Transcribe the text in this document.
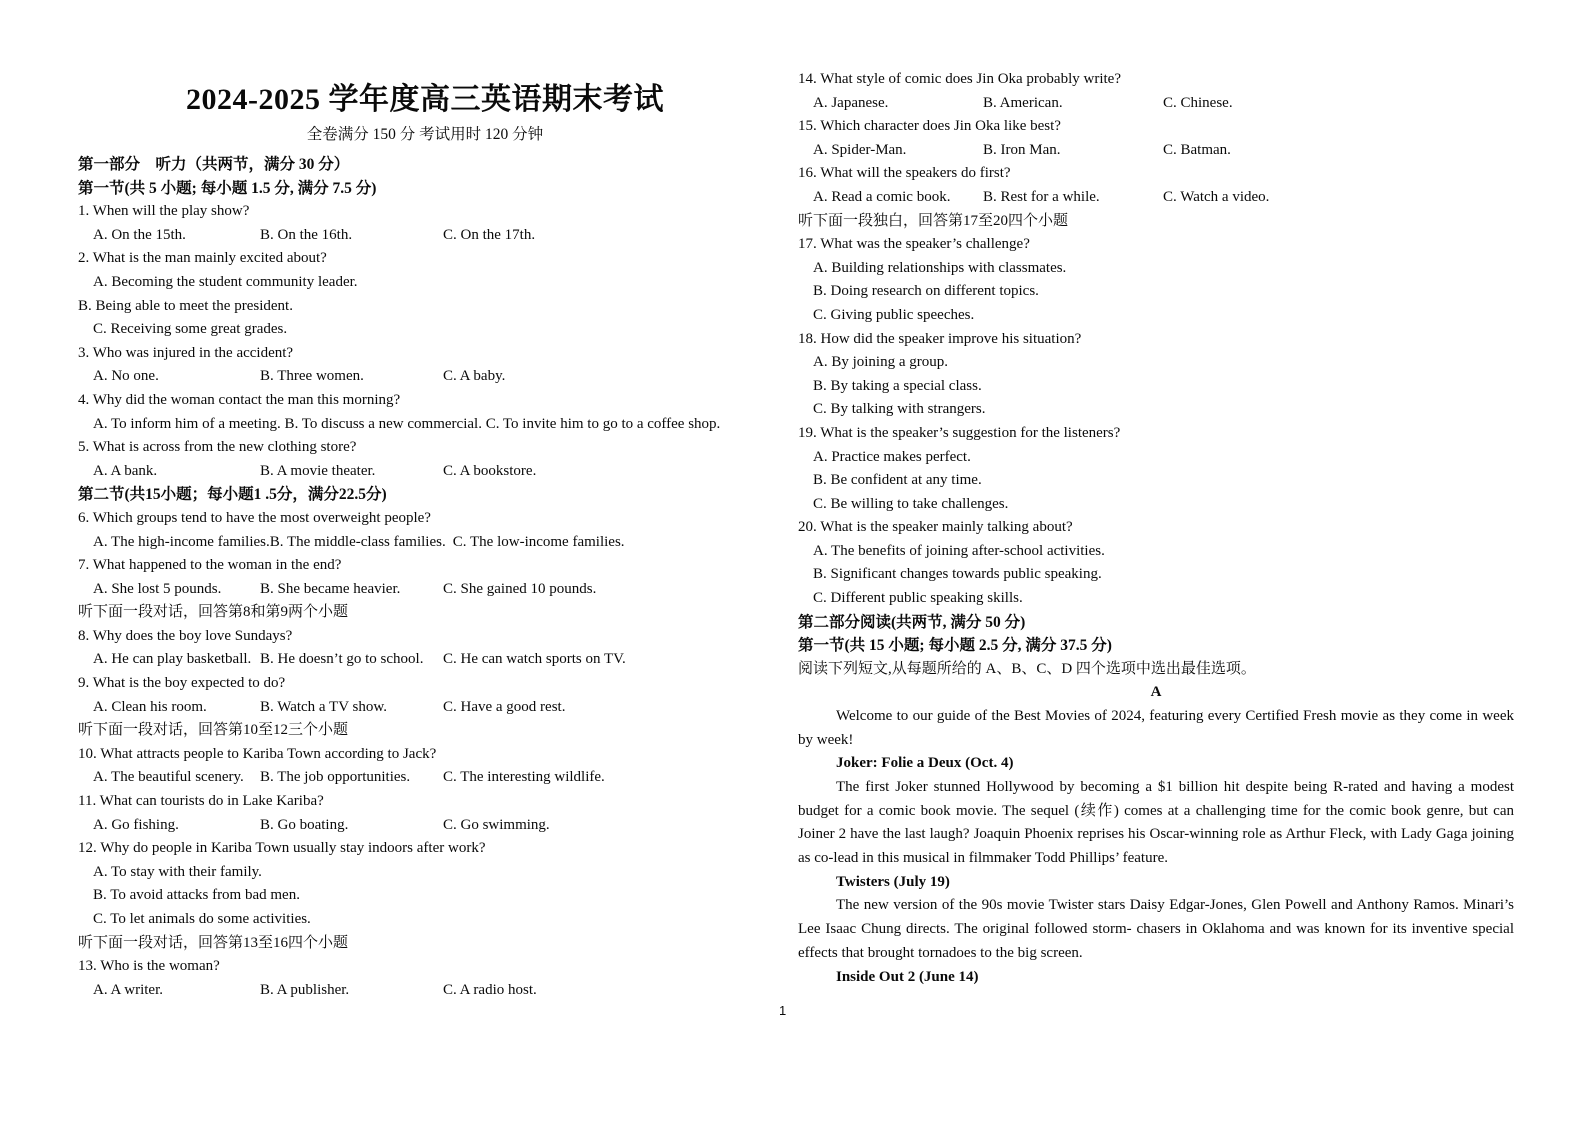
2024-2025 学年度高三英语期末考试
全卷满分 150 分 考试用时 120 分钟
第一部分　听力（共两节，满分 30 分）
第一节(共 5 小题; 每小题 1.5 分, 满分 7.5 分)
1. When will the play show?
A. On the 15th.	B. On the 16th.	C. On the 17th.
2. What is the man mainly excited about?
A. Becoming the student community leader.
B. Being able to meet the president.
C. Receiving some great grades.
3. Who was injured in the accident?
A. No one.	B. Three women.	C. A baby.
4. Why did the woman contact the man this morning?
A. To inform him of a meeting. B. To discuss a new commercial. C. To invite him to go to a coffee shop.
5. What is across from the new clothing store?
A. A bank.	B. A movie theater.	C. A bookstore.
第二节(共15小题；每小题1 .5分，满分22.5分)
6. Which groups tend to have the most overweight people?
A. The high-income families.B. The middle-class families. C. The low-income families.
7. What happened to the woman in the end?
A. She lost 5 pounds.	B. She became heavier.	C. She gained 10 pounds.
听下面一段对话，回答第8和第9两个小题
8. Why does the boy love Sundays?
A. He can play basketball. B. He doesn’t go to school. C. He can watch sports on TV.
9. What is the boy expected to do?
A. Clean his room.	B. Watch a TV show.	C. Have a good rest.
听下面一段对话，回答第10至12三个小题
10. What attracts people to Kariba Town according to Jack?
A. The beautiful scenery. B. The job opportunities. C. The interesting wildlife.
11. What can tourists do in Lake Kariba?
A. Go fishing.	B. Go boating.	C. Go swimming.
12. Why do people in Kariba Town usually stay indoors after work?
A. To stay with their family.
B. To avoid attacks from bad men.
C. To let animals do some activities.
听下面一段对话，回答第13至16四个小题
13. Who is the woman?
A. A writer.	B. A publisher.	C. A radio host.
14. What style of comic does Jin Oka probably write?
A. Japanese.	B. American.	C. Chinese.
15. Which character does Jin Oka like best?
A. Spider-Man.	B. Iron Man.	C. Batman.
16. What will the speakers do first?
A. Read a comic book. B. Rest for a while.	C. Watch a video.
听下面一段独白，回答第17至20四个小题
17. What was the speaker’s challenge?
A. Building relationships with classmates.
B. Doing research on different topics.
C. Giving public speeches.
18. How did the speaker improve his situation?
A. By joining a group.
B. By taking a special class.
C. By talking with strangers.
19. What is the speaker’s suggestion for the listeners?
A. Practice makes perfect.
B. Be confident at any time.
C. Be willing to take challenges.
20. What is the speaker mainly talking about?
A. The benefits of joining after-school activities.
B. Significant changes towards public speaking.
C. Different public speaking skills.
第二部分阅读(共两节, 满分 50 分)
第一节(共 15 小题; 每小题 2.5 分, 满分 37.5 分)
阅读下列短文,从每题所给的 A、B、C、D 四个选项中选出最佳选项。
A
Welcome to our guide of the Best Movies of 2024, featuring every Certified Fresh movie as they come in week by week!
Joker: Folie a Deux (Oct. 4)
The first Joker stunned Hollywood by becoming a $1 billion hit despite being R-rated and having a modest budget for a comic book movie. The sequel (续作) comes at a challenging time for the comic book genre, but can Joiner 2 have the last laugh? Joaquin Phoenix reprises his Oscar-winning role as Arthur Fleck, with Lady Gaga joining as co-lead in this musical in filmmaker Todd Phillips’ feature.
Twisters (July 19)
The new version of the 90s movie Twister stars Daisy Edgar-Jones, Glen Powell and Anthony Ramos. Minari’s Lee Isaac Chung directs. The original followed storm- chasers in Oklahoma and was known for its inventive special effects that brought tornadoes to the big screen.
Inside Out 2 (June 14)
1
